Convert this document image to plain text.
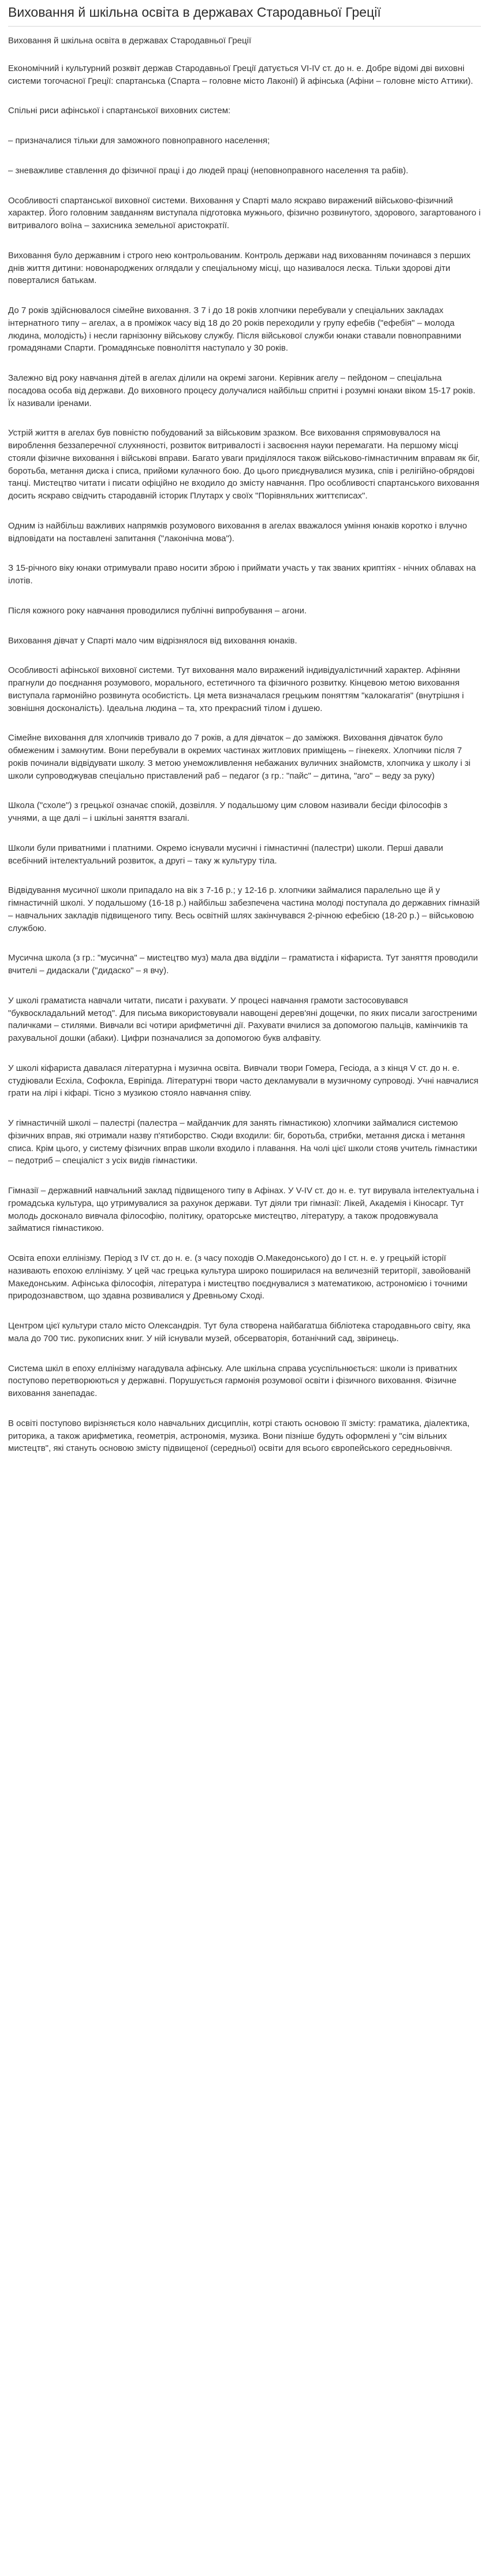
Виховання й шкільна освіта в державах Стародавньої Греції
Виховання й шкільна освіта в державах Стародавньої Греції

Економічний і культурний розквіт держав Стародавньої Греції датується VI-IV ст. до н. е. Добре відомі дві виховні системи тогочасної Греції: спартанська (Спарта – головне місто Лаконії) й афінська (Афіни – головне місто Аттики).

Спільні риси афінської і спартанської виховних систем:

– призначалися тільки для заможного повноправного населення;

– зневажливе ставлення до фізичної праці і до людей праці (неповноправного населення та рабів).

Особливості спартанської виховної системи. Виховання у Спарті мало яскраво виражений військово-фізичний характер. Його головним завданням виступала підготовка мужнього, фізично розвинутого, здорового, загартованого і витривалого воїна – захисника земельної аристократії.

Виховання було державним і строго нею контрольованим. Контроль держави над вихованням починався з перших днів життя дитини: новонароджених оглядали у спеціальному місці, що називалося леска. Тільки здорові діти поверталися батькам.

До 7 років здійснювалося сімейне виховання. З 7 і до 18 років хлопчики перебували у спеціальних закладах інтернатного типу – агелах, а в проміжок часу від 18 до 20 років переходили у групу ефебів ("ефебія" – молода людина, молодість) і несли гарнізонну військову службу. Після військової служби юнаки ставали повноправними громадянами Спарти. Громадянське повноліття наступало у 30 років.

Залежно від року навчання дітей в агелах ділили на окремі загони. Керівник агелу – пейдоном – спеціальна посадова особа від держави. До виховного процесу долучалися найбільш спритні і розумні юнаки віком 15-17 років. Їх називали іренами.

Устрій життя в агелах був повністю побудований за військовим зразком. Все виховання спрямовувалося на вироблення беззаперечної слухняності, розвиток витривалості і засвоєння науки перемагати. На першому місці стояли фізичне виховання і військові вправи. Багато уваги приділялося також військово-гімнастичним вправам як біг, боротьба, метання диска і списа, прийоми кулачного бою. До цього приєднувалися музика, спів і релігійно-обрядові танці. Мистецтво читати і писати офіційно не входило до змісту навчання. Про особливості спартанського виховання досить яскраво свідчить стародавній історик Плутарх у своїх "Порівняльних життєписах".

Одним із найбільш важливих напрямків розумового виховання в агелах вважалося уміння юнаків коротко і влучно відповідати на поставлені запитання ("лаконічна мова").

З 15-річного віку юнаки отримували право носити зброю і приймати участь у так званих криптіях - нічних облавах на ілотів.

Після кожного року навчання проводилися публічні випробування – агони.

Виховання дівчат у Спарті мало чим відрізнялося від виховання юнаків.

Особливості афінської виховної системи. Тут виховання мало виражений індивідуалістичний характер. Афіняни прагнули до поєднання розумового, морального, естетичного та фізичного розвитку. Кінцевою метою виховання виступала гармонійно розвинута особистість. Ця мета визначалася грецьким поняттям "калокагатія" (внутрішня і зовнішня досконалість). Ідеальна людина – та, хто прекрасний тілом і душею.

Сімейне виховання для хлопчиків тривало до 7 років, а для дівчаток – до заміжжя. Виховання дівчаток було обмеженим і замкнутим. Вони перебували в окремих частинах житлових приміщень – гінекеях. Хлопчики після 7 років починали відвідувати школу. З метою унеможливлення небажаних вуличних знайомств, хлопчика у школу і зі школи супроводжував спеціально приставлений раб – педагог (з гр.: "пайс" – дитина, "аго" – веду за руку)

Школа ("схоле") з грецької означає спокій, дозвілля. У подальшому цим словом називали бесіди філософів з учнями, а ще далі – і шкільні заняття взагалі.

Школи були приватними і платними. Окремо існували мусичні і гімнастичні (палестри) школи. Перші давали всебічний інтелектуальний розвиток, а другі – таку ж культуру тіла.

Відвідування мусичної школи припадало на вік з 7-16 р.; у 12-16 р. хлопчики займалися паралельно ще й у гімнастичній школі. У подальшому (16-18 р.) найбільш забезпечена частина молоді поступала до державних гімназій – навчальних закладів підвищеного типу. Весь освітній шлях закінчувався 2-річною ефебією (18-20 р.) – військовою службою.

Мусична школа (з гр.: "мусична" – мистецтво муз) мала два відділи – граматиста і кіфариста. Тут заняття проводили вчителі – дидаскали ("дидаско" – я вчу).

У школі граматиста навчали читати, писати і рахувати. У процесі навчання грамоти застосовувався "буквоскладальний метод". Для письма використовували навощені дерев'яні дощечки, по яких писали загостреними паличками – стилями. Вивчали всі чотири арифметичні дії. Рахувати вчилися за допомогою пальців, камінчиків та рахувальної дошки (абаки). Цифри позначалися за допомогою букв алфавіту.

У школі кіфариста давалася літературна і музична освіта. Вивчали твори Гомера, Гесіода, а з кінця V ст. до н. е. студіювали Есхіла, Софокла, Евріпіда. Літературні твори часто декламували в музичному супроводі. Учні навчалися грати на лірі і кіфарі. Тісно з музикою стояло навчання співу.

У гімнастичній школі – палестрі (палестра – майданчик для занять гімнастикою) хлопчики займалися системою фізичних вправ, які отримали назву п'ятиборство. Сюди входили: біг, боротьба, стрибки, метання диска і метання списа. Крім цього, у систему фізичних вправ школи входило і плавання. На чолі цієї школи стояв учитель гімнастики – педотриб – спеціаліст з усіх видів гімнастики.

Гімназії – державний навчальний заклад підвищеного типу в Афінах. У V-IV ст. до н. е. тут вирувала інтелектуальна і громадська культура, що утримувалися за рахунок держави. Тут діяли три гімназії: Лікей, Академія і Кіносарг. Тут молодь досконало вивчала філософію, політику, ораторське мистецтво, літературу, а також продовжувала займатися гімнастикою.

Освіта епохи еллінізму. Період з IV ст. до н. е. (з часу походів О.Македонського) до І ст. н. е. у грецькій історії називають епохою еллінізму. У цей час грецька культура широко поширилася на величезній території, завойованій Македонським. Афінська філософія, література і мистецтво поєднувалися з математикою, астрономією і точними природознавством, що здавна розвивалися у Древньому Сході.

Центром цієї культури стало місто Олександрія. Тут була створена найбагатша бібліотека стародавнього світу, яка мала до 700 тис. рукописних книг. У ній існували музей, обсерваторія, ботанічний сад, звіринець.

Система шкіл в епоху еллінізму нагадувала афінську. Але шкільна справа усуспільнюється: школи із приватних поступово перетворюються у державні. Порушується гармонія розумової освіти і фізичного виховання. Фізичне виховання занепадає.

В освіті поступово вирізняється коло навчальних дисциплін, котрі стають основою її змісту: граматика, діалектика, риторика, а також арифметика, геометрія, астрономія, музика. Вони пізніше будуть оформлені у "сім вільних мистецтв", які стануть основою змісту підвищеної (середньої) освіти для всього європейського середньовіччя.
